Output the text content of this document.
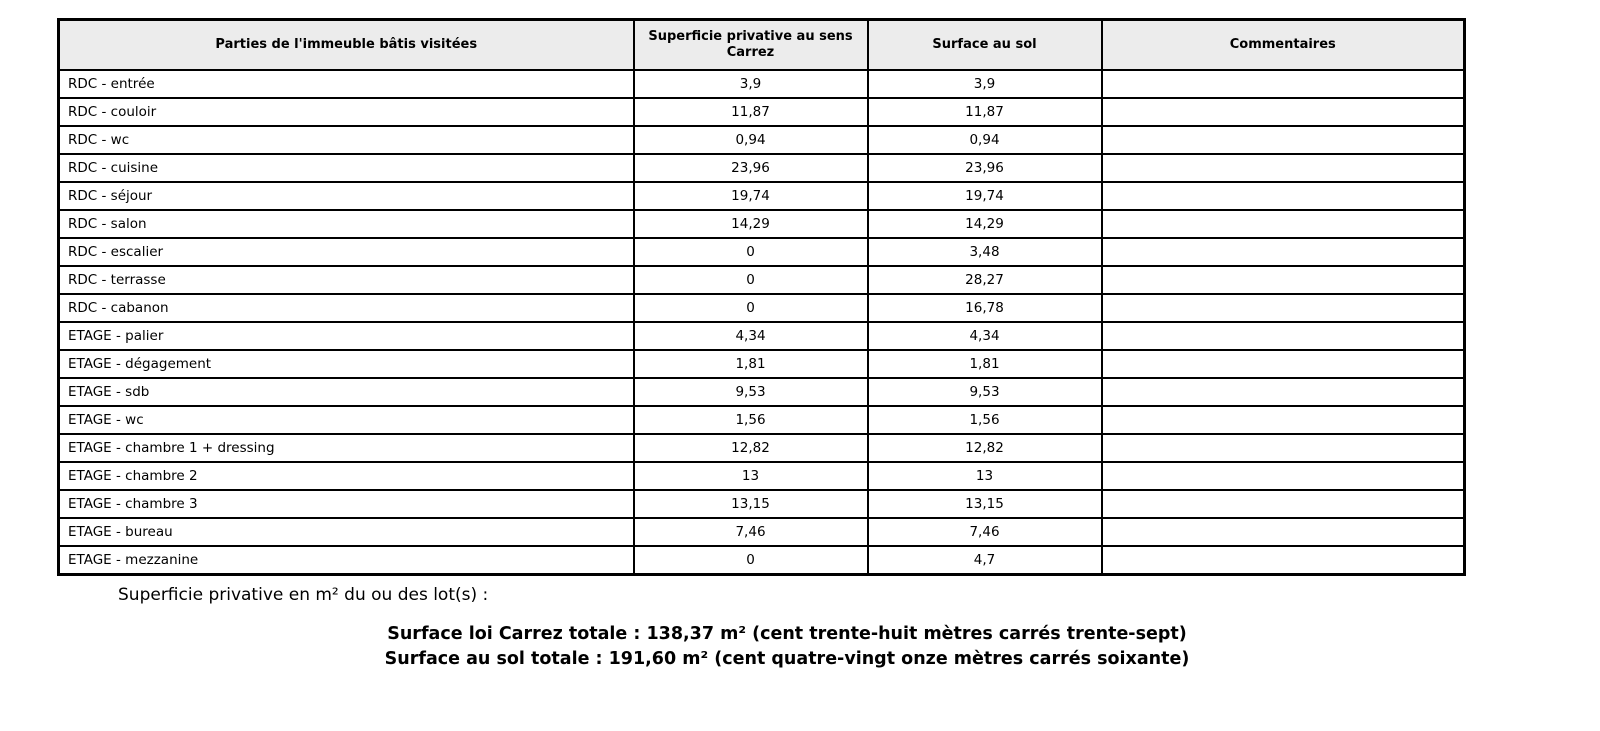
Parties de l'immeuble bâtis visitées	Superficie privative au sens Carrez	Surface au sol	Commentaires
RDC - entrée	3,9	3,9	
RDC - couloir	11,87	11,87	
RDC - wc	0,94	0,94	
RDC - cuisine	23,96	23,96	
RDC - séjour	19,74	19,74	
RDC - salon	14,29	14,29	
RDC - escalier	0	3,48	
RDC - terrasse	0	28,27	
RDC - cabanon	0	16,78	
ETAGE - palier	4,34	4,34	
ETAGE - dégagement	1,81	1,81	
ETAGE - sdb	9,53	9,53	
ETAGE - wc	1,56	1,56	
ETAGE - chambre 1 + dressing	12,82	12,82	
ETAGE - chambre 2	13	13	
ETAGE - chambre 3	13,15	13,15	
ETAGE - bureau	7,46	7,46	
ETAGE - mezzanine	0	4,7	
Superficie privative en m² du ou des lot(s) :
Surface loi Carrez totale : 138,37 m² (cent trente-huit mètres carrés trente-sept)
Surface au sol totale : 191,60 m² (cent quatre-vingt onze mètres carrés soixante)
